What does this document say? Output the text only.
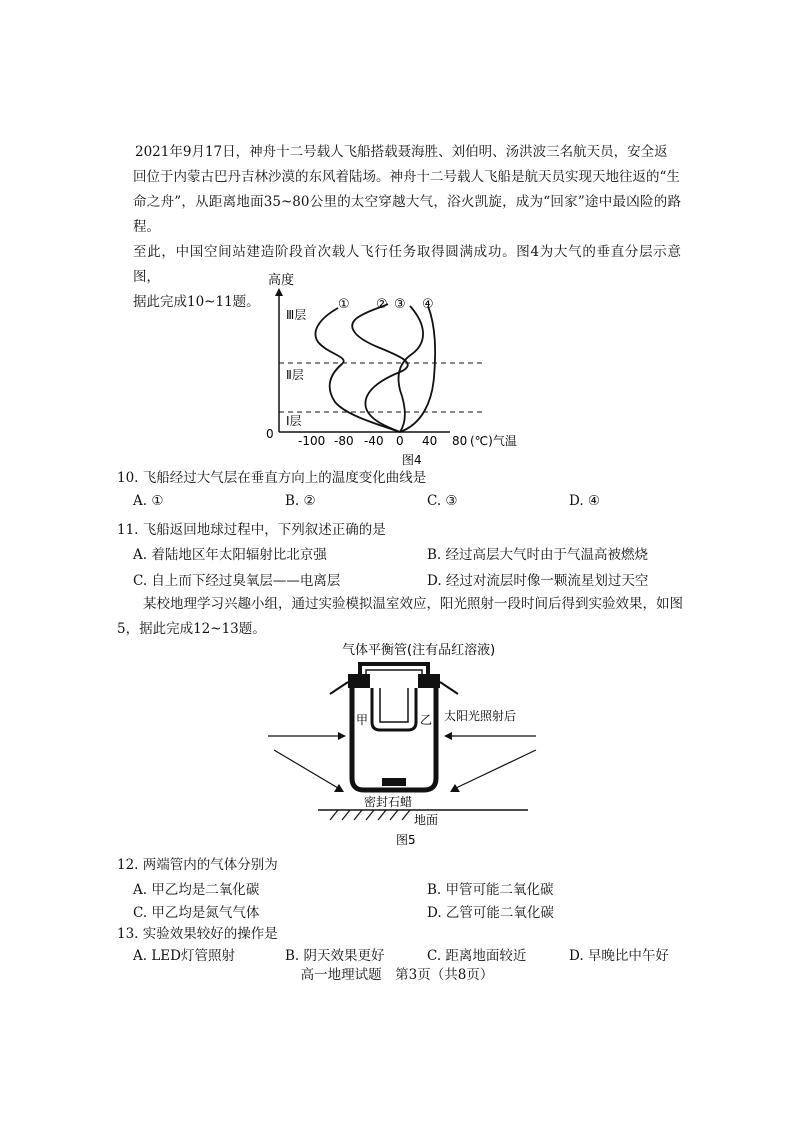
2021年9月17日，神舟十二号载人飞船搭载聂海胜、刘伯明、汤洪波三名航天员，安全返

回位于内蒙古巴丹吉林沙漠的东风着陆场。神舟十二号载人飞船是航天员实现天地往返的“生

命之舟”，从距离地面35~80公里的太空穿越大气，浴火凯旋，成为“回家”途中最凶险的路程。

至此，中国空间站建造阶段首次载人飞行任务取得圆满成功。图4为大气的垂直分层示意图，

据此完成10~11题。

高度
0
Ⅲ层
Ⅱ层
Ⅰ层
① ② ③ ④
-100 -80 -40 0 40 80 (℃)气温
图4
10. 飞船经过大气层在垂直方向上的温度变化曲线是
A. ①	B. ②	C. ③	D. ④
11. 飞船返回地球过程中，下列叙述正确的是
A. 着陆地区年太阳辐射比北京强	B. 经过高层大气时由于气温高被燃烧
C. 自上而下经过臭氧层——电离层	D. 经过对流层时像一颗流星划过天空

某校地理学习兴趣小组，通过实验模拟温室效应，阳光照射一段时间后得到实验效果，如图

5，据此完成12~13题。

气体平衡管(注有品红溶液)
甲	乙 太阳光照射后
密封石蜡
地面
图5
12. 两端管内的气体分别为
A. 甲乙均是二氧化碳	B. 甲管可能二氧化碳
C. 甲乙均是氮气气体	D. 乙管可能二氧化碳
13. 实验效果较好的操作是
A. LED灯管照射	B. 阴天效果更好	C. 距离地面较近	D. 早晚比中午好
高一地理试题　第3页（共8页）
